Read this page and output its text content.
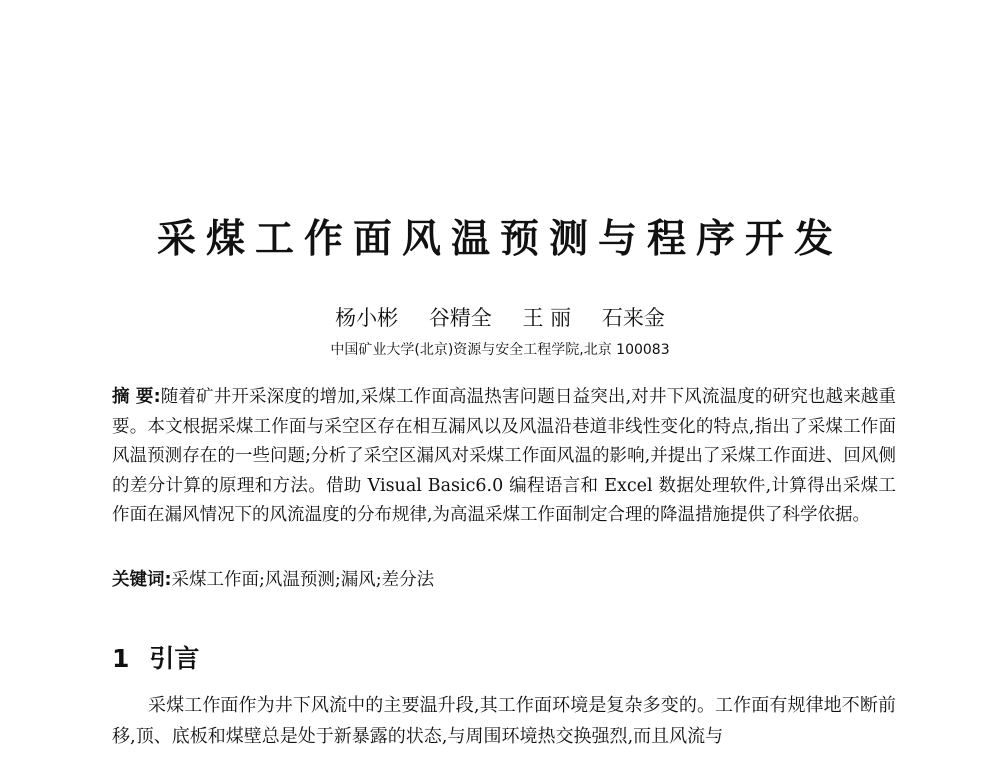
采煤工作面风温预测与程序开发
杨小彬 谷精全 王 丽 石来金
中国矿业大学(北京)资源与安全工程学院,北京 100083
摘 要:随着矿井开采深度的增加,采煤工作面高温热害问题日益突出,对井下风流温度的研究也越来越重要。本文根据采煤工作面与采空区存在相互漏风以及风温沿巷道非线性变化的特点,指出了采煤工作面风温预测存在的一些问题;分析了采空区漏风对采煤工作面风温的影响,并提出了采煤工作面进、回风侧的差分计算的原理和方法。借助 Visual Basic6.0 编程语言和 Excel 数据处理软件,计算得出采煤工作面在漏风情况下的风流温度的分布规律,为高温采煤工作面制定合理的降温措施提供了科学依据。
关键词:采煤工作面;风温预测;漏风;差分法
1 引言
采煤工作面作为井下风流中的主要温升段,其工作面环境是复杂多变的。工作面有规律地不断前移,顶、底板和煤壁总是处于新暴露的状态,与周围环境热交换强烈,而且风流与
